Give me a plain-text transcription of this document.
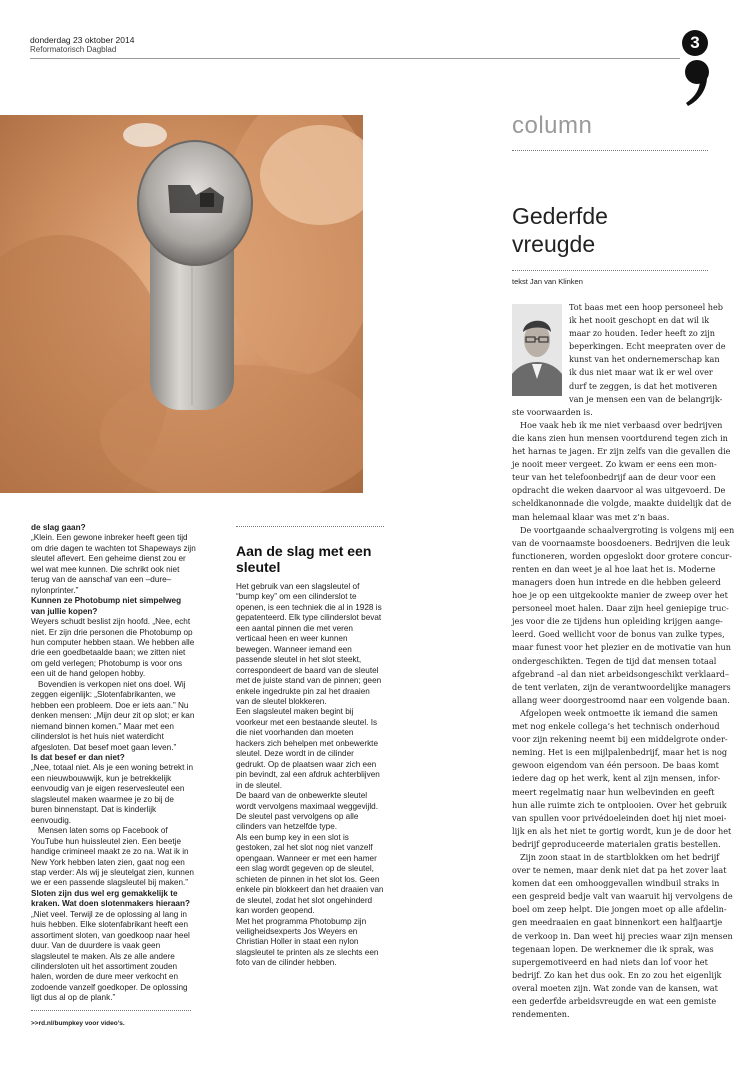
donderdag 23 oktober 2014
Reformatorisch Dagblad	3
column
Gederfde
vreugde
tekst Jan van Klinken

Tot baas met een hoop personeel heb

ik het nooit geschopt en dat wil ik

maar zo houden. Ieder heeft zo zijn

beperkingen. Echt meepraten over de

kunst van het ondernemerschap kan

ik dus niet maar wat ik er wel over

durf te zeggen, is dat het motiveren

van je mensen een van de belangrijk-

ste voorwaarden is.

Hoe vaak heb ik me niet verbaasd over bedrijven

die kans zien hun mensen voortdurend tegen zich in

het harnas te jagen. Er zijn zelfs van die gevallen die

je nooit meer vergeet. Zo kwam er eens een mon-

teur van het telefoonbedrijf aan de deur voor een

opdracht die weken daarvoor al was uitgevoerd. De

scheldkanonnade die volgde, maakte duidelijk dat de

man helemaal klaar was met z’n baas.

De voortgaande schaalvergroting is volgens mij een

van de voornaamste boosdoeners. Bedrijven die leuk

functioneren, worden opgeslokt door grotere concur-

renten en dan weet je al hoe laat het is. Moderne

managers doen hun intrede en die hebben geleerd

hoe je op een uitgekookte manier de zweep over het

personeel moet halen. Daar zijn heel geniepige truc-

jes voor die ze tijdens hun opleiding krijgen aange-

leerd. Goed wellicht voor de bonus van zulke types,

maar funest voor het plezier en de motivatie van hun

ondergeschikten. Tegen de tijd dat mensen totaal

afgebrand –al dan niet arbeidsongeschikt verklaard–

de tent verlaten, zijn de verantwoordelijke managers

allang weer doorgestroomd naar een volgende baan.

Afgelopen week ontmoette ik iemand die samen

met nog enkele collega’s het technisch onderhoud

voor zijn rekening neemt bij een middelgrote onder-

neming. Het is een mijlpalenbedrijf, maar het is nog

gewoon eigendom van één persoon. De baas komt

iedere dag op het werk, kent al zijn mensen, infor-

meert regelmatig naar hun welbevinden en geeft

hun alle ruimte zich te ontplooien. Over het gebruik

van spullen voor privédoeleinden doet hij niet moei-

lijk en als het niet te gortig wordt, kun je de door het

bedrijf geproduceerde materialen gratis bestellen.

Zijn zoon staat in de startblokken om het bedrijf

over te nemen, maar denk niet dat pa het zover laat

komen dat een omhooggevallen windbuil straks in

een gespreid bedje valt van waaruit hij vervolgens de

boel om zeep helpt. Die jongen moet op alle afdelin-

gen meedraaien en gaat binnenkort een halfjaartje

de verkoop in. Dan weet hij precies waar zijn mensen

tegenaan lopen. De werknemer die ik sprak, was

supergemotiveerd en had niets dan lof voor het

bedrijf. Zo kan het dus ook. En zo zou het eigenlijk

overal moeten zijn. Wat zonde van de kansen, wat

een gederfde arbeidsvreugde en wat een gemiste

rendementen.

de slag gaan?

„Klein. Een gewone inbreker heeft geen tijd om drie dagen te wachten tot Shapeways zijn sleutel aflevert. Een geheime dienst zou er wel wat mee kunnen. Die schrikt ook niet terug van de aanschaf van een –dure– nylonprinter.”

Kunnen ze Photobump niet simpelweg van jullie kopen?

Weyers schudt beslist zijn hoofd. „Nee, echt niet. Er zijn drie personen die Photobump op hun computer hebben staan. We hebben alle drie een goedbetaalde baan; we zitten niet om geld verlegen; Photobump is voor ons een uit de hand gelopen hobby.

Bovendien is verkopen niet ons doel. Wij zeggen eigenlijk: „Slotenfabrikanten, we hebben een probleem. Doe er iets aan.” Nu denken mensen: „Mijn deur zit op slot; er kan niemand binnen komen.” Maar met een cilinderslot is het huis niet waterdicht afgesloten. Dat besef moet gaan leven.”

Is dat besef er dan niet?

„Nee, totaal niet. Als je een woning betrekt in een nieuwbouwwijk, kun je betrekkelijk eenvoudig van je eigen reservesleutel een slagsleutel maken waarmee je zo bij de buren binnenstapt. Dat is kinderlijk eenvoudig.

Mensen laten soms op Facebook of YouTube hun huissleutel zien. Een beetje handige crimineel maakt ze zo na. Wat ik in New York hebben laten zien, gaat nog een stap verder: Als wij je sleutelgat zien, kunnen we er een passende slagsleutel bij maken.”

Sloten zijn dus wel erg gemakkelijk te kraken. Wat doen slotenmakers hieraan?

„Niet veel. Terwijl ze de oplossing al lang in huis hebben. Elke slotenfabrikant heeft een assortiment sloten, van goedkoop naar heel duur. Van de duurdere is vaak geen slagsleutel te maken. Als ze alle andere cilindersloten uit het assortiment zouden halen, worden de dure meer verkocht en zodoende vanzelf goedkoper. De oplossing ligt dus al op de plank.”

>>rd.nl/bumpkey voor video’s.
Aan de slag met een sleutel

Het gebruik van een slagsleutel of “bump key” om een cilinderslot te openen, is een techniek die al in 1928 is gepatenteerd. Elk type cilinderslot bevat een aantal pinnen die met veren verticaal heen en weer kunnen bewegen. Wanneer iemand een passende sleutel in het slot steekt, correspondeert de baard van de sleutel met de juiste stand van de pinnen; geen enkele ingedrukte pin zal het draaien van de sleutel blokkeren.

Een slagsleutel maken begint bij voorkeur met een bestaande sleutel. Is die niet voorhanden dan moeten hackers zich behelpen met onbewerkte sleutel. Deze wordt in de cilinder gedrukt. Op de plaatsen waar zich een pin bevindt, zal een afdruk achterblijven in de sleutel.

De baard van de onbewerkte sleutel wordt vervolgens maximaal weggevijld. De sleutel past vervolgens op alle cilinders van hetzelfde type.

Als een bump key in een slot is gestoken, zal het slot nog niet vanzelf opengaan. Wanneer er met een hamer een slag wordt gegeven op de sleutel, schieten de pinnen in het slot los. Geen enkele pin blokkeert dan het draaien van de sleutel, zodat het slot ongehinderd kan worden geopend.

Met het programma Photobump zijn veiligheidsexperts Jos Weyers en Christian Holler in staat een nylon slagsleutel te printen als ze slechts een foto van de cilinder hebben.
